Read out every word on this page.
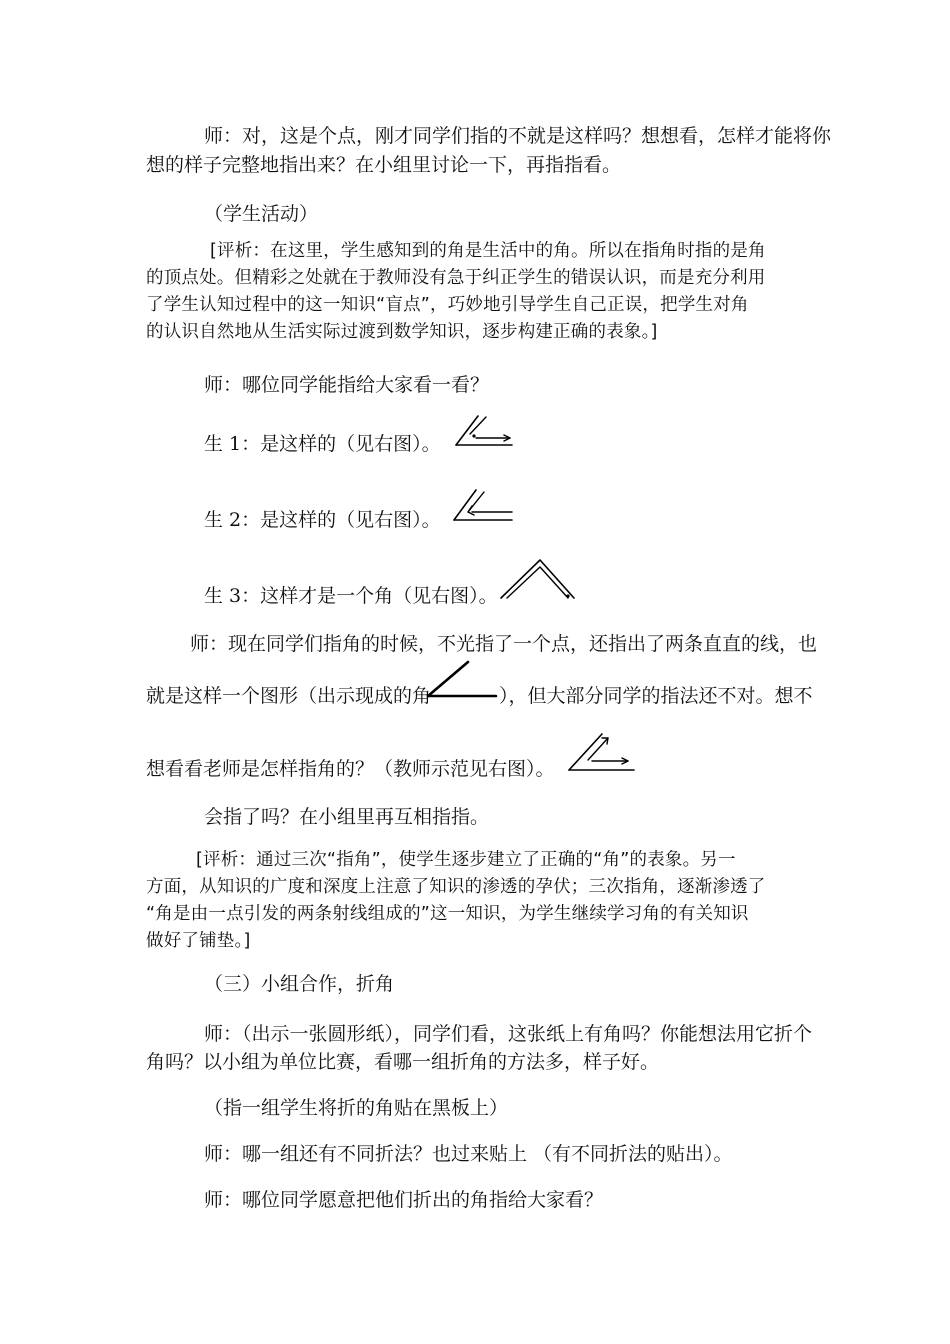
师：对，这是个点，刚才同学们指的不就是这样吗？想想看，怎样才能将你

想的样子完整地指出来？在小组里讨论一下，再指指看。

（学生活动）

[评析：在这里，学生感知到的角是生活中的角。所以在指角时指的是角

的顶点处。但精彩之处就在于教师没有急于纠正学生的错误认识，而是充分利用

了学生认知过程中的这一知识“盲点”，巧妙地引导学生自己正误，把学生对角

的认识自然地从生活实际过渡到数学知识，逐步构建正确的表象。]

师：哪位同学能指给大家看一看？

生 1：是这样的（见右图）。

生 2：是这样的（见右图）。

生 3：这样才是一个角（见右图）。

师：现在同学们指角的时候，不光指了一个点，还指出了两条直直的线，也

就是这样一个图形（出示现成的角	），但大部分同学的指法还不对。想不

想看看老师是怎样指角的？（教师示范见右图）。

会指了吗？在小组里再互相指指。

[评析：通过三次“指角”，使学生逐步建立了正确的“角”的表象。另一

方面，从知识的广度和深度上注意了知识的渗透的孕伏；三次指角，逐渐渗透了

“角是由一点引发的两条射线组成的”这一知识，为学生继续学习角的有关知识

做好了铺垫。]

（三）小组合作，折角

师：（出示一张圆形纸），同学们看，这张纸上有角吗？你能想法用它折个

角吗？以小组为单位比赛，看哪一组折角的方法多，样子好。

（指一组学生将折的角贴在黑板上）

师：哪一组还有不同折法？也过来贴上 （有不同折法的贴出）。

师：哪位同学愿意把他们折出的角指给大家看？
